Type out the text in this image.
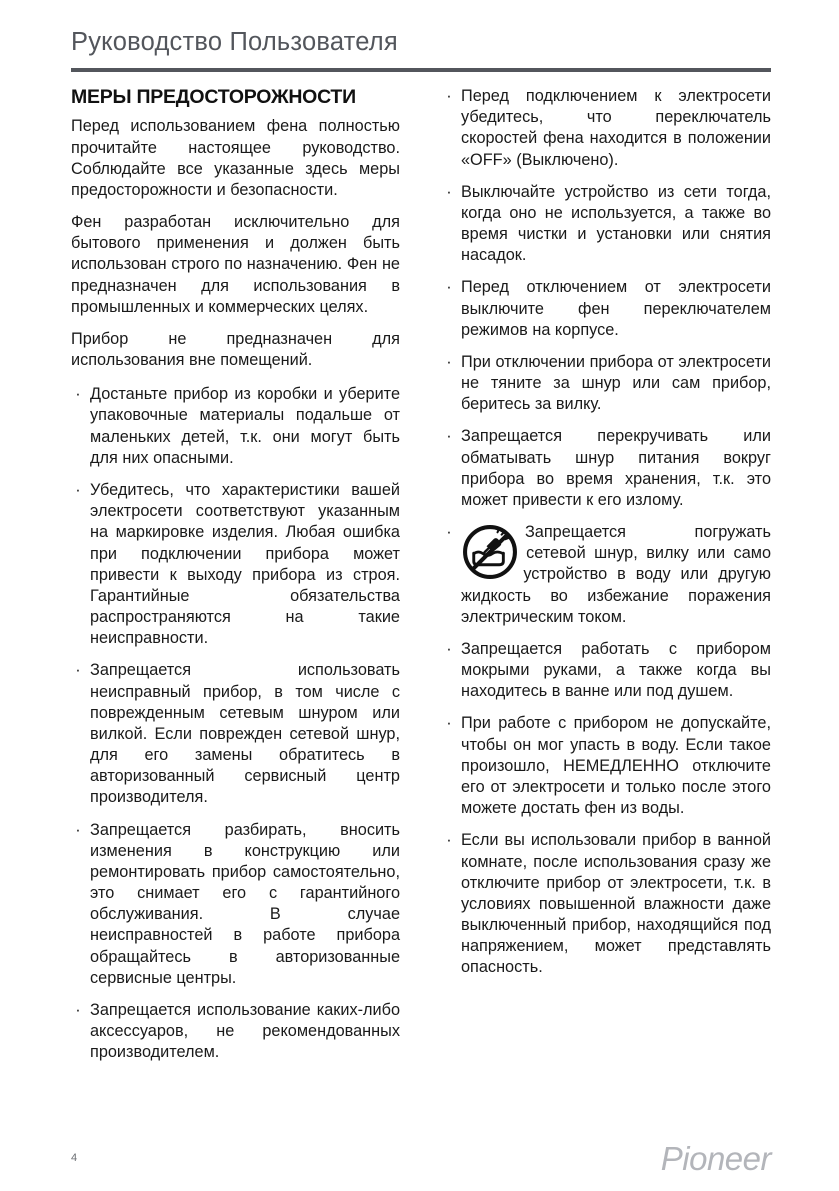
Руководство Пользователя
МЕРЫ ПРЕДОСТОРОЖНОСТИ

Перед использованием фена полностью прочитайте настоящее руководство. Соблюдайте все указанные здесь меры предосторожности и безопасности.

Фен разработан исключительно для бытового применения и должен быть использован строго по назначению. Фен не предназначен для использования в промышленных и коммерческих целях.

Прибор не предназначен для использования вне помещений.

· Достаньте прибор из коробки и уберите упаковочные материалы подальше от маленьких детей, т.к. они могут быть для них опасными.
· Убедитесь, что характеристики вашей электросети соответствуют указанным на маркировке изделия. Любая ошибка при подключении прибора может привести к выходу прибора из строя. Гарантийные обязательства распространяются на такие неисправности.
· Запрещается использовать неисправный прибор, в том числе с поврежденным сетевым шнуром или вилкой. Если поврежден сетевой шнур, для его замены обратитесь в авторизованный сервисный центр производителя.
· Запрещается разбирать, вносить изменения в конструкцию или ремонтировать прибор самостоятельно, это снимает его с гарантийного обслуживания. В случае неисправностей в работе прибора обращайтесь в авторизованные сервисные центры.
· Запрещается использование каких-либо аксессуаров, не рекомендованных производителем.
· Перед подключением к электросети убедитесь, что переключатель скоростей фена находится в положении «OFF» (Выключено).
· Выключайте устройство из сети тогда, когда оно не используется, а также во время чистки и установки или снятия насадок.
· Перед отключением от электросети выключите фен переключателем режимов на корпусе.
· При отключении прибора от электросети не тяните за шнур или сам прибор, беритесь за вилку.
· Запрещается перекручивать или обматывать шнур питания вокруг прибора во время хранения, т.к. это может привести к его излому.
·	Запрещается погружать сетевой шнур, вилку или само устройство в воду или другую жидкость во избежание поражения электрическим током.
· Запрещается работать с прибором мокрыми руками, а также когда вы находитесь в ванне или под душем.
· При работе с прибором не допускайте, чтобы он мог упасть в воду. Если такое произошло, НЕМЕДЛЕННО отключите его от электросети и только после этого можете достать фен из воды.
· Если вы использовали прибор в ванной комнате, после использования сразу же отключите прибор от электросети, т.к. в условиях повышенной влажности даже выключенный прибор, находящийся под напряжением, может представлять опасность.
4	Pioneer
